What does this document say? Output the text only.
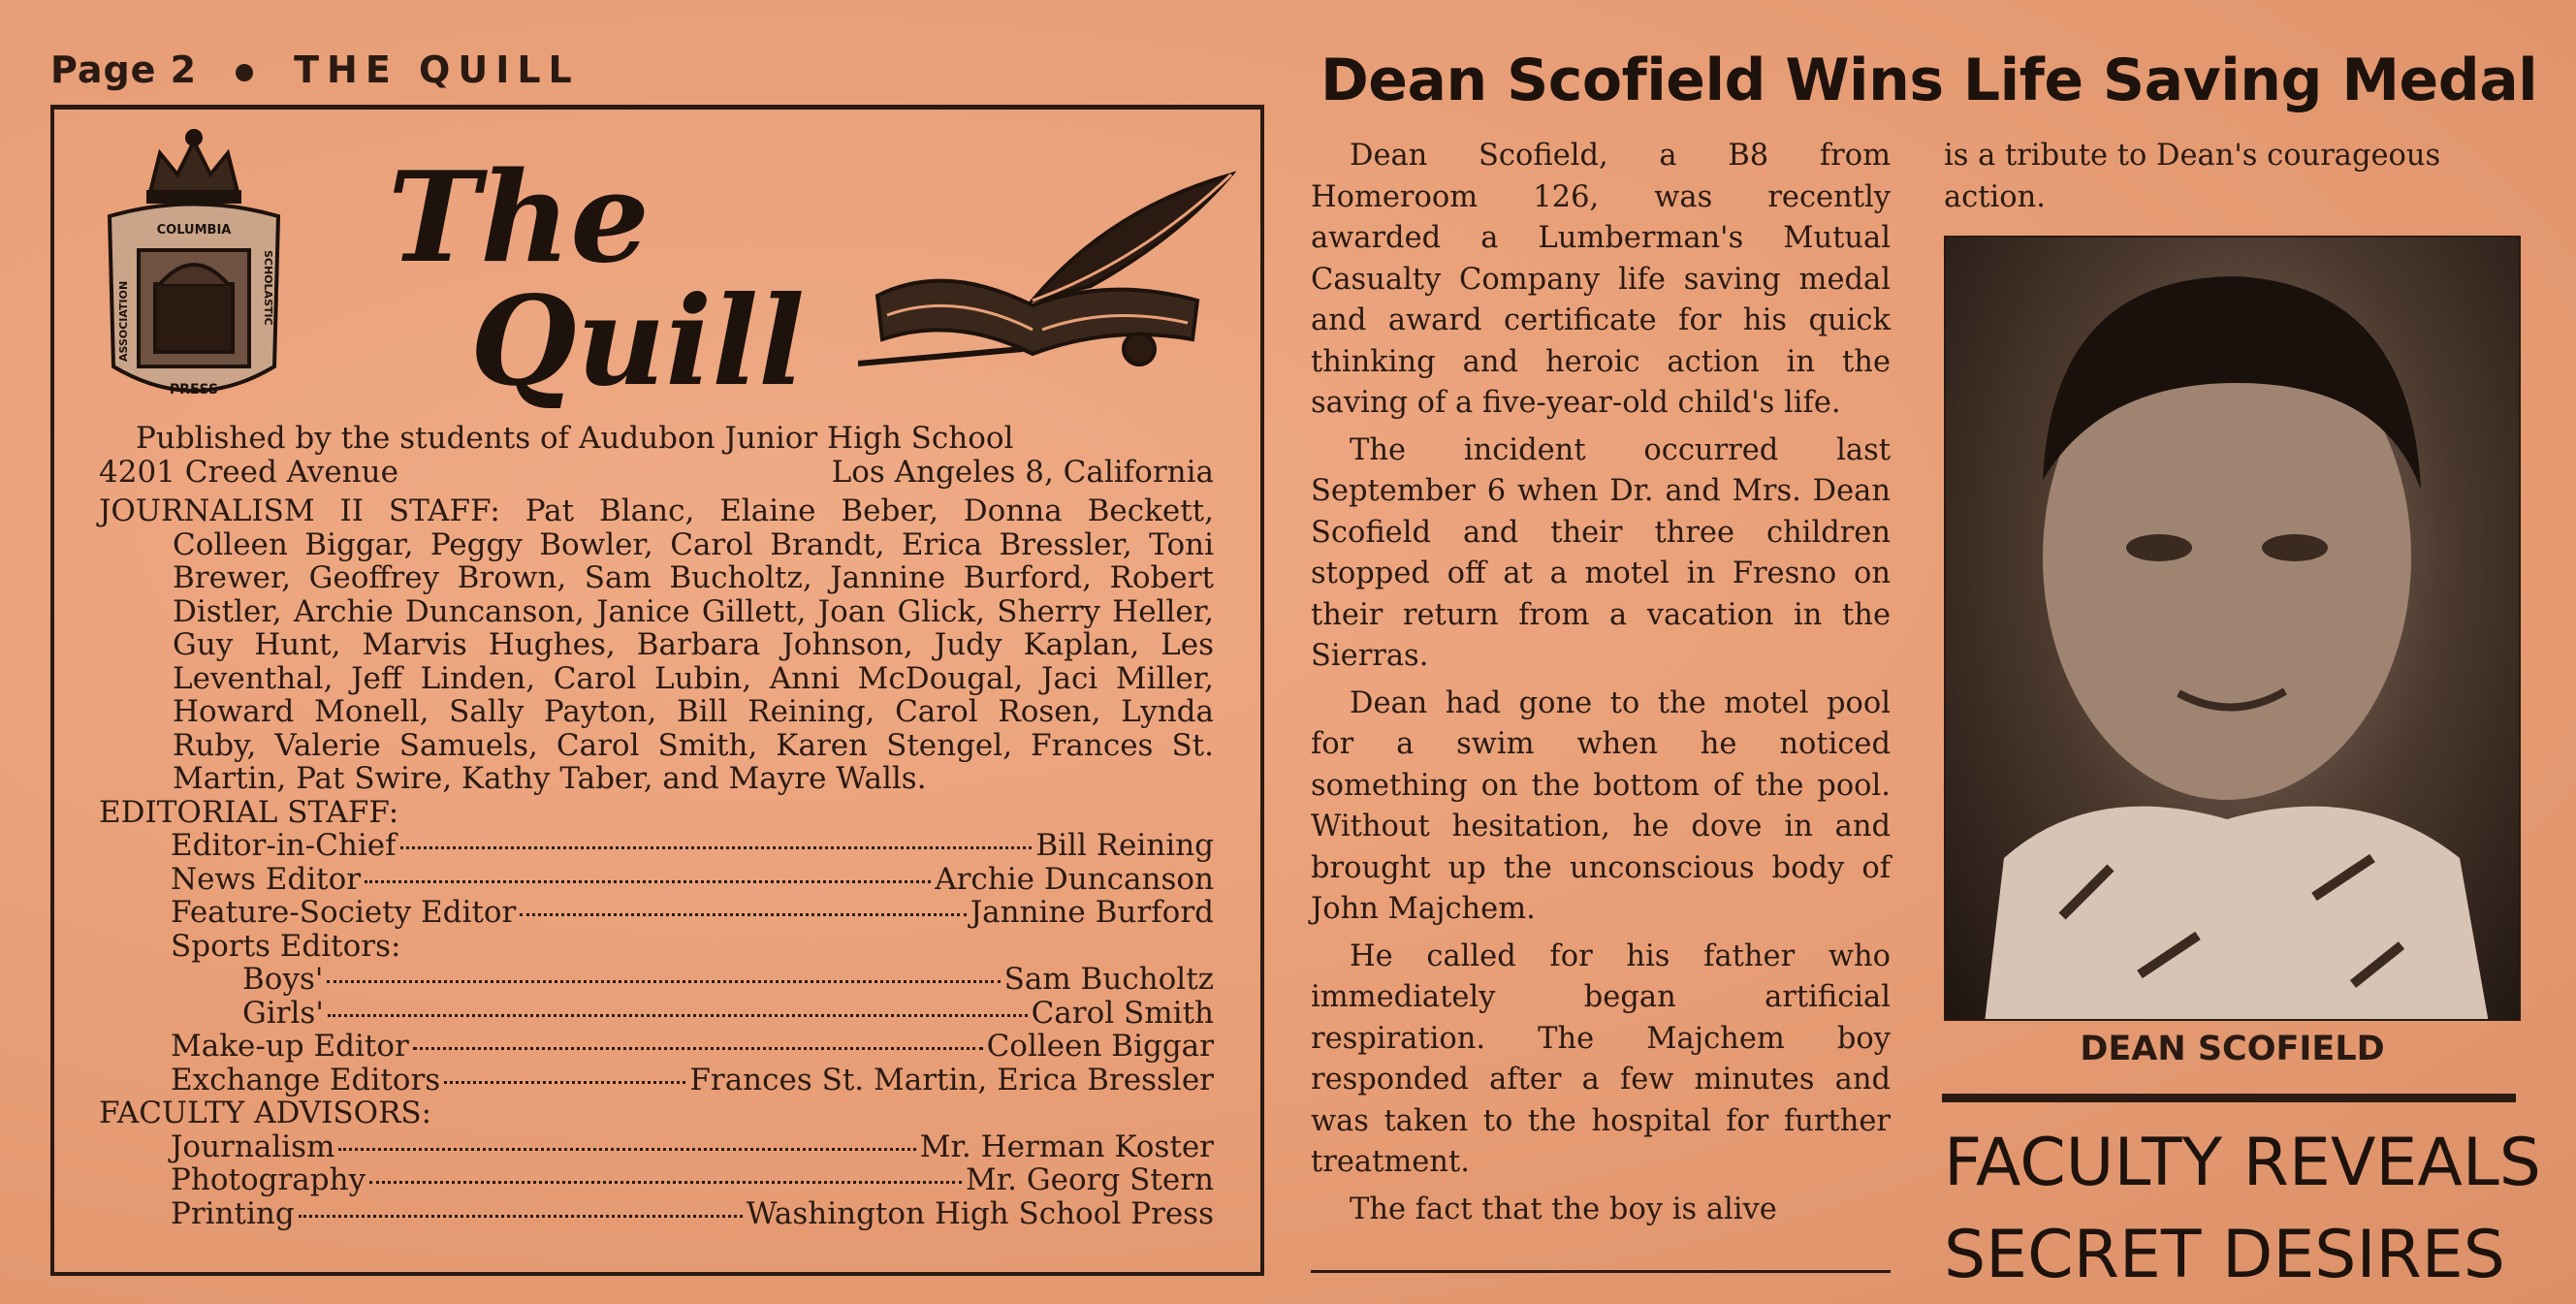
Page 2	THE QUILL
COLUMBIA
PRESS
ASSOCIATION	SCHOLASTIC The
Quill
Published by the students of Audubon Junior High School
4201 Creed Avenue	Los Angeles 8, California

JOURNALISM II STAFF: Pat Blanc, Elaine Beber, Donna Beckett, Colleen Biggar, Peggy Bowler, Carol Brandt, Erica Bressler, Toni Brewer, Geoffrey Brown, Sam Bucholtz, Jannine Burford, Robert Distler, Archie Duncanson, Janice Gillett, Joan Glick, Sherry Heller, Guy Hunt, Marvis Hughes, Barbara Johnson, Judy Kaplan, Les Leventhal, Jeff Linden, Carol Lubin, Anni McDougal, Jaci Miller, Howard Monell, Sally Payton, Bill Reining, Carol Rosen, Lynda Ruby, Valerie Samuels, Carol Smith, Karen Stengel, Frances St. Martin, Pat Swire, Kathy Taber, and Mayre Walls.

EDITORIAL STAFF:
Editor-in-Chief	Bill Reining
News Editor	Archie Duncanson
Feature-Society Editor	Jannine Burford
Sports Editors:
Boys'	Sam Bucholtz
Girls'	Carol Smith
Make-up Editor	Colleen Biggar
Exchange Editors	Frances St. Martin, Erica Bressler
FACULTY ADVISORS:
Journalism	Mr. Herman Koster
Photography	Mr. Georg Stern
Printing	Washington High School Press
Dean Scofield Wins Life Saving Medal

Dean Scofield, a B8 from Homeroom 126, was recently awarded a Lumberman's Mutual Casualty Company life saving medal and award certificate for his quick thinking and heroic action in the saving of a five-year-old child's life.

The incident occurred last September 6 when Dr. and Mrs. Dean Scofield and their three children stopped off at a motel in Fresno on their return from a vacation in the Sierras.

Dean had gone to the motel pool for a swim when he noticed something on the bottom of the pool. Without hesitation, he dove in and brought up the unconscious body of John Majchem.

He called for his father who immediately began artificial respiration. The Majchem boy responded after a few minutes and was taken to the hospital for further treatment.

The fact that the boy is alive

is a tribute to Dean's courageous action.
DEAN SCOFIELD
FACULTY REVEALS
SECRET DESIRES
